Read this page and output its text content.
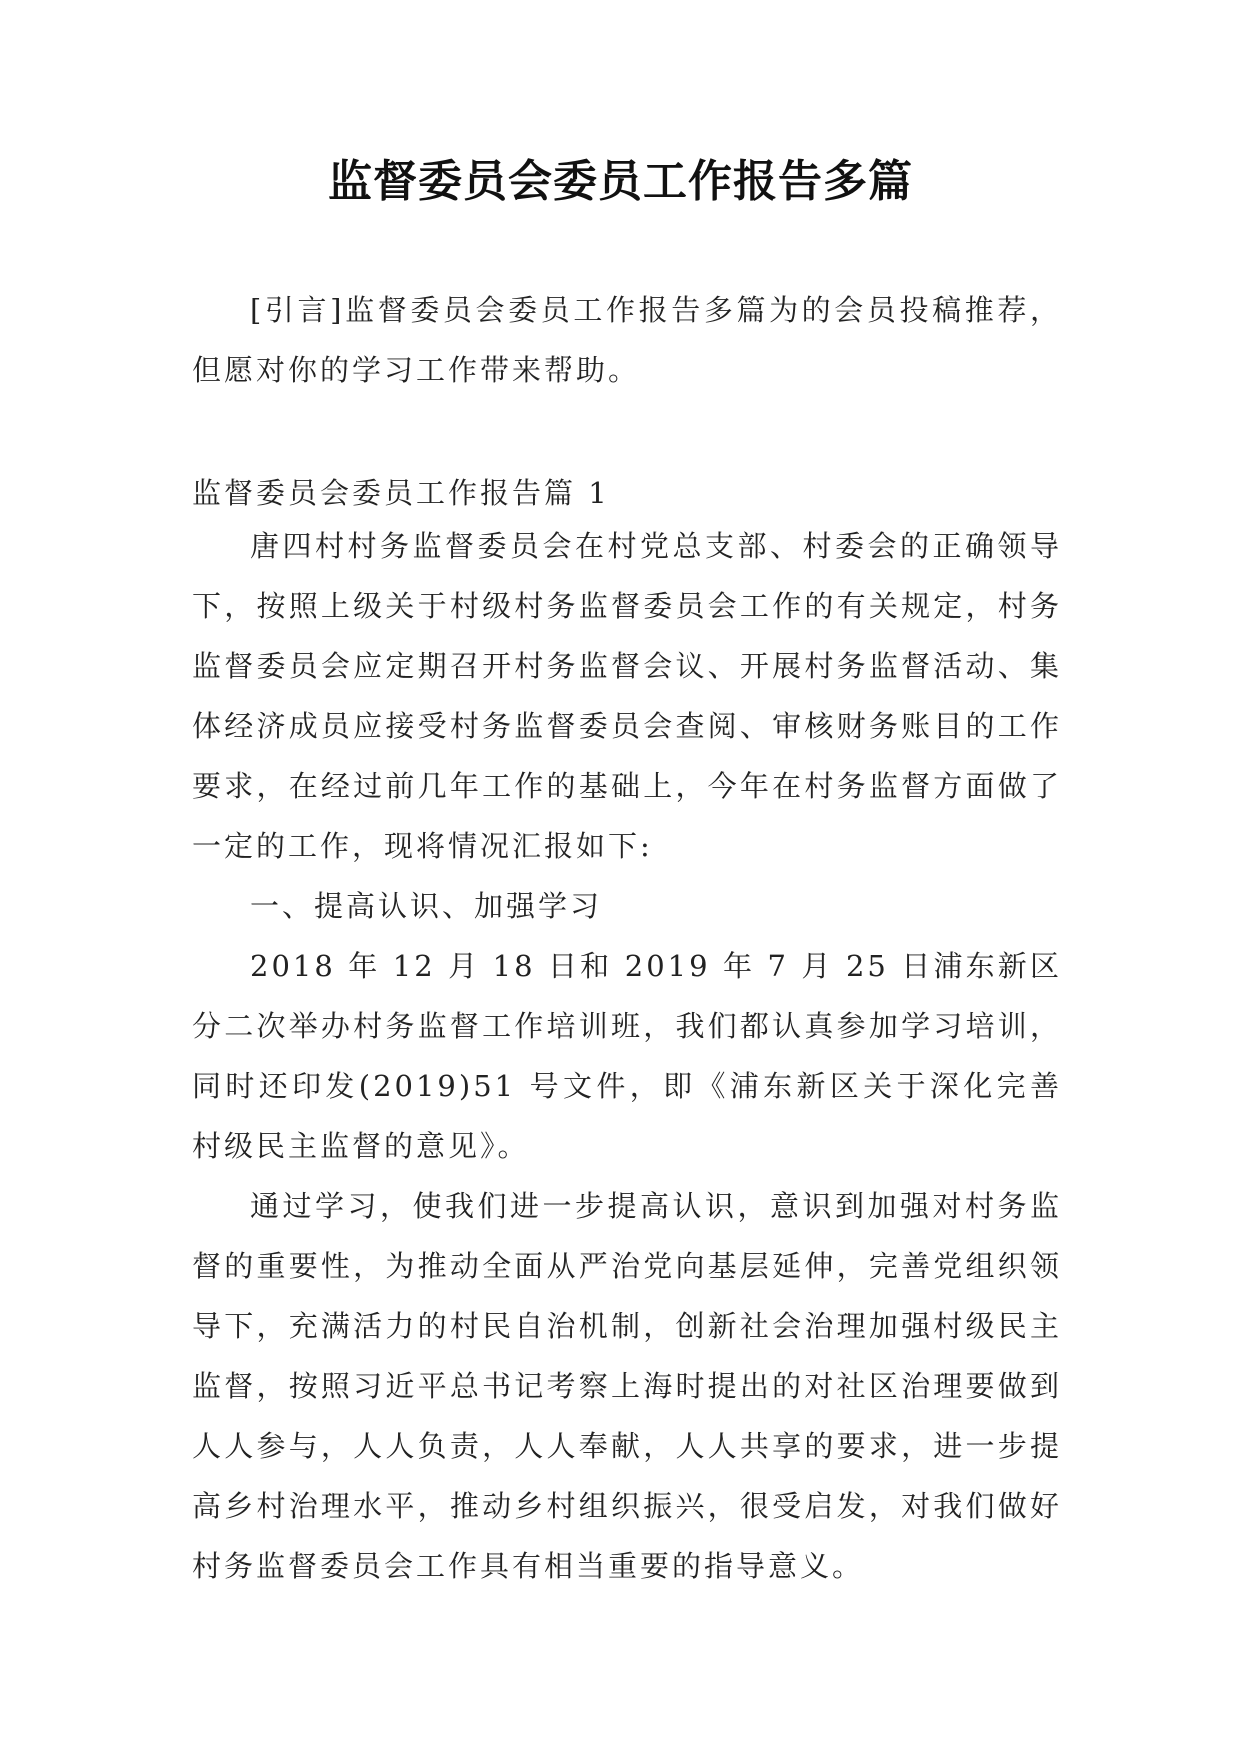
监督委员会委员工作报告多篇

[引言]监督委员会委员工作报告多篇为的会员投稿推荐，但愿对你的学习工作带来帮助。

监督委员会委员工作报告篇 1

唐四村村务监督委员会在村党总支部、村委会的正确领导下，按照上级关于村级村务监督委员会工作的有关规定，村务监督委员会应定期召开村务监督会议、开展村务监督活动、集体经济成员应接受村务监督委员会查阅、审核财务账目的工作要求，在经过前几年工作的基础上，今年在村务监督方面做了一定的工作，现将情况汇报如下:

一、提高认识、加强学习

2018 年 12 月 18 日和 2019 年 7 月 25 日浦东新区分二次举办村务监督工作培训班，我们都认真参加学习培训，同时还印发(2019)51 号文件，即《浦东新区关于深化完善村级民主监督的意见》。

通过学习，使我们进一步提高认识，意识到加强对村务监督的重要性，为推动全面从严治党向基层延伸，完善党组织领导下，充满活力的村民自治机制，创新社会治理加强村级民主监督，按照习近平总书记考察上海时提出的对社区治理要做到人人参与，人人负责，人人奉献，人人共享的要求，进一步提高乡村治理水平，推动乡村组织振兴，很受启发，对我们做好村务监督委员会工作具有相当重要的指导意义。
